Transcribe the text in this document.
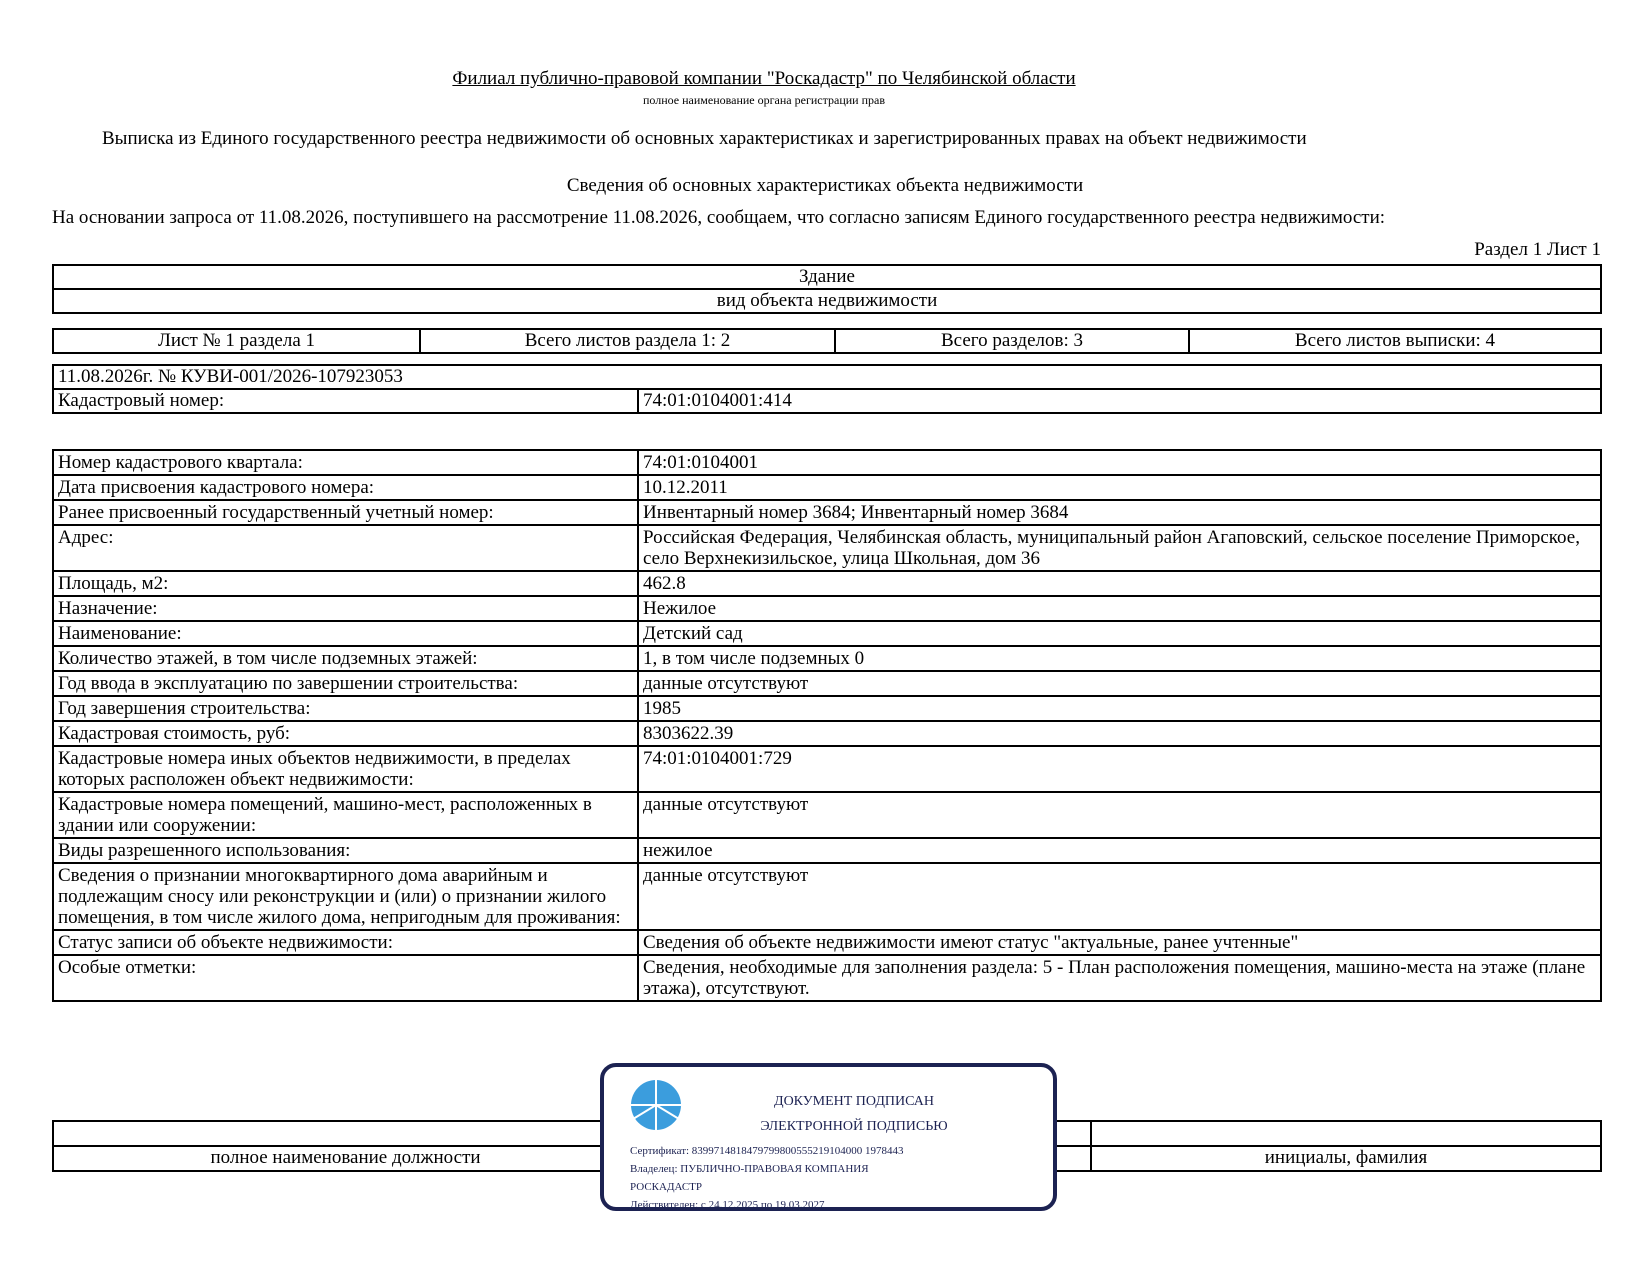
Филиал публично-правовой компании "Роскадастр" по Челябинской области
полное наименование органа регистрации прав
Выписка из Единого государственного реестра недвижимости об основных характеристиках и зарегистрированных правах на объект недвижимости
Сведения об основных характеристиках объекта недвижимости
На основании запроса от 11.08.2026, поступившего на рассмотрение 11.08.2026, сообщаем, что согласно записям Единого государственного реестра недвижимости:
Раздел 1 Лист 1
Здание
вид объекта недвижимости
Лист № 1 раздела 1	Всего листов раздела 1: 2	Всего разделов: 3	Всего листов выписки: 4
11.08.2026г. № КУВИ-001/2026-107923053
Кадастровый номер:	74:01:0104001:414
Номер кадастрового квартала:	74:01:0104001
Дата присвоения кадастрового номера:	10.12.2011
Ранее присвоенный государственный учетный номер:	Инвентарный номер 3684; Инвентарный номер 3684
Адрес:	Российская Федерация, Челябинская область, муниципальный район Агаповский, сельское поселение Приморское, село Верхнекизильское, улица Школьная, дом 36
Площадь, м2:	462.8
Назначение:	Нежилое
Наименование:	Детский сад
Количество этажей, в том числе подземных этажей:	1, в том числе подземных 0
Год ввода в эксплуатацию по завершении строительства:	данные отсутствуют
Год завершения строительства:	1985
Кадастровая стоимость, руб:	8303622.39
Кадастровые номера иных объектов недвижимости, в пределах которых расположен объект недвижимости:	74:01:0104001:729
Кадастровые номера помещений, машино-мест, расположенных в здании или сооружении:	данные отсутствуют
Виды разрешенного использования:	нежилое
Сведения о признании многоквартирного дома аварийным и подлежащим сносу или реконструкции и (или) о признании жилого помещения, в том числе жилого дома, непригодным для проживания:	данные отсутствуют
Статус записи об объекте недвижимости:	Сведения об объекте недвижимости имеют статус "актуальные, ранее учтенные"
Особые отметки:	Сведения, необходимые для заполнения раздела: 5 - План расположения помещения, машино-места на этаже (плане этажа), отсутствуют.

полное наименование должности		инициалы, фамилия
ДОКУМЕНТ ПОДПИСАН
ЭЛЕКТРОННОЙ ПОДПИСЬЮ
Сертификат: 8399714818479799800555219104000 1978443
Владелец: ПУБЛИЧНО-ПРАВОВАЯ КОМПАНИЯ РОСКАДАСТР
Действителен: с 24.12.2025 по 19.03.2027
